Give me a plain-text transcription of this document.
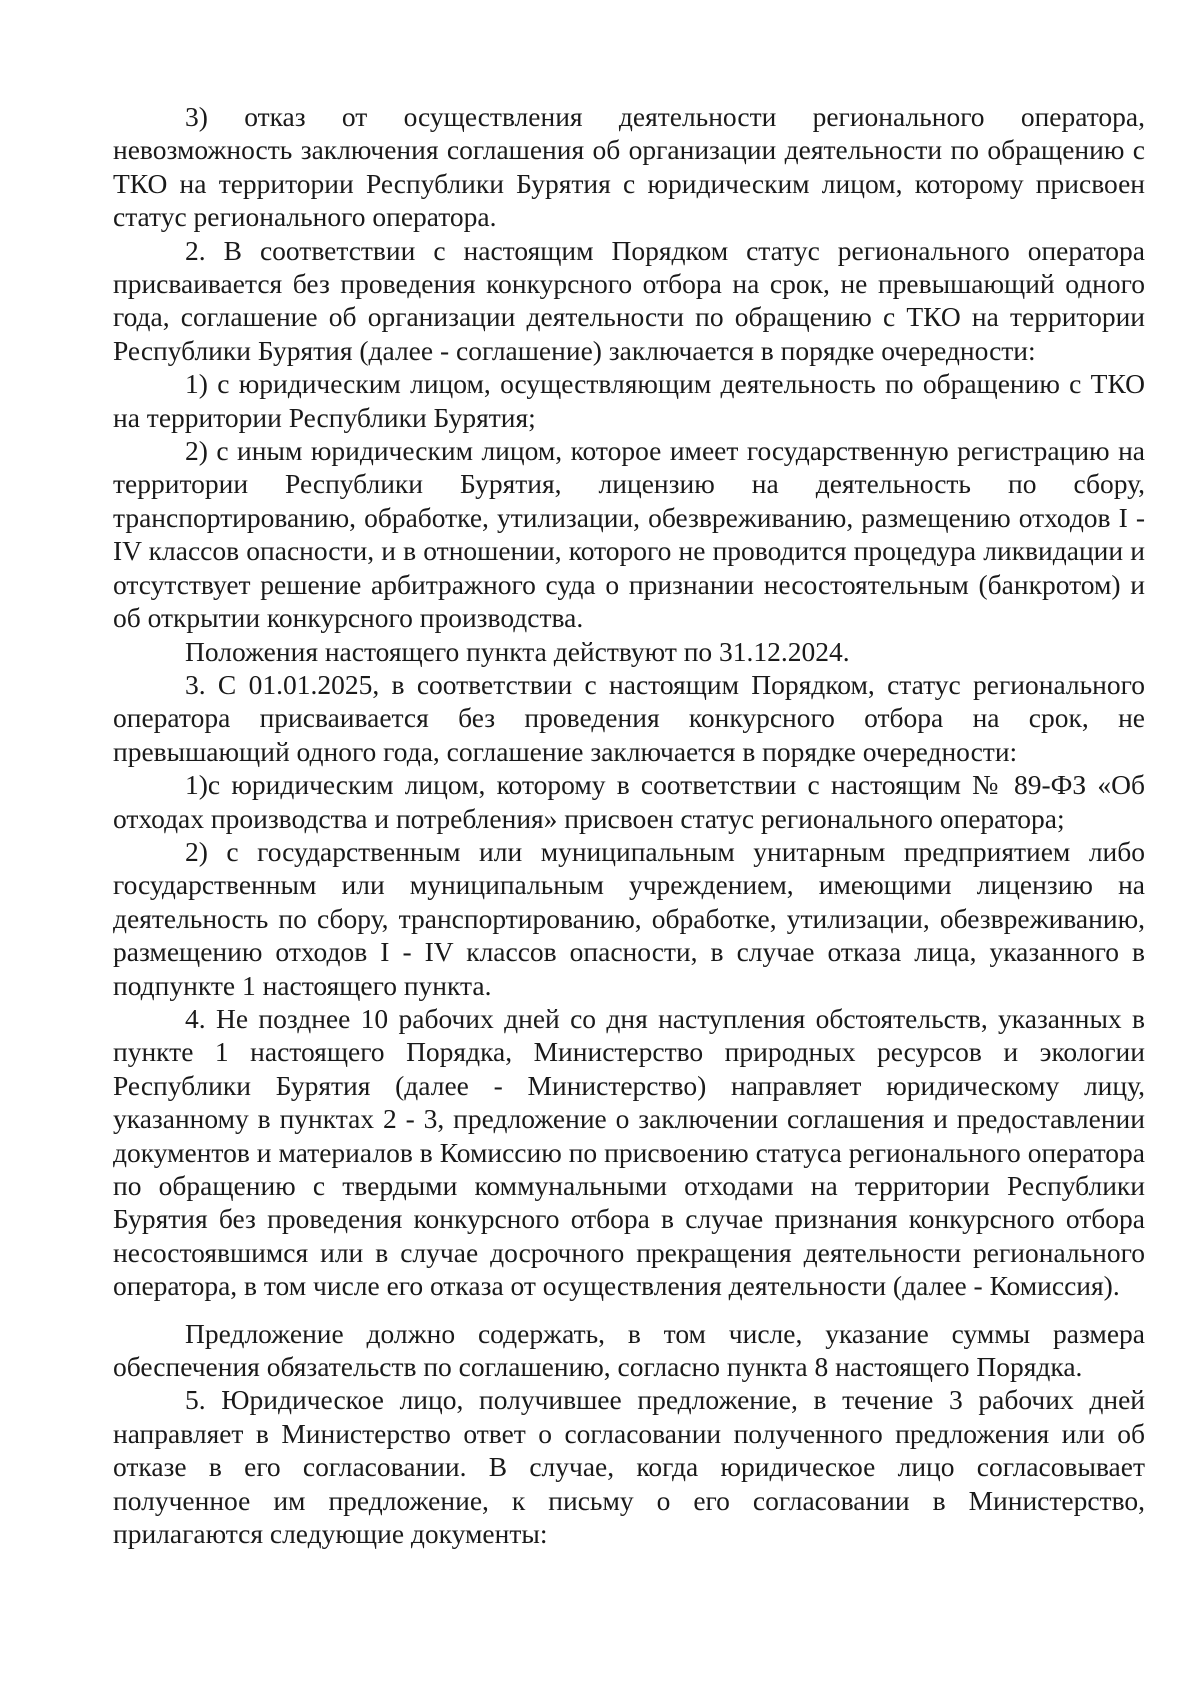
3) отказ от осуществления деятельности регионального оператора, невозможность заключения соглашения об организации деятельности по обращению с ТКО на территории Республики Бурятия с юридическим лицом, которому присвоен статус регионального оператора.

2. В соответствии с настоящим Порядком статус регионального оператора присваивается без проведения конкурсного отбора на срок, не превышающий одного года, соглашение об организации деятельности по обращению с ТКО на территории Республики Бурятия (далее - соглашение) заключается в порядке очередности:

1) с юридическим лицом, осуществляющим деятельность по обращению с ТКО на территории Республики Бурятия;

2) с иным юридическим лицом, которое имеет государственную регистрацию на территории Республики Бурятия, лицензию на деятельность по сбору, транспортированию, обработке, утилизации, обезвреживанию, размещению отходов I - IV классов опасности, и в отношении, которого не проводится процедура ликвидации и отсутствует решение арбитражного суда о признании несостоятельным (банкротом) и об открытии конкурсного производства.

Положения настоящего пункта действуют по 31.12.2024.

3. С 01.01.2025, в соответствии с настоящим Порядком, статус регионального оператора присваивается без проведения конкурсного отбора на срок, не превышающий одного года, соглашение заключается в порядке очередности:

1)с юридическим лицом, которому в соответствии с настоящим № 89-ФЗ «Об отходах производства и потребления» присвоен статус регионального оператора;

2) с государственным или муниципальным унитарным предприятием либо государственным или муниципальным учреждением, имеющими лицензию на деятельность по сбору, транспортированию, обработке, утилизации, обезвреживанию, размещению отходов I - IV классов опасности, в случае отказа лица, указанного в подпункте 1 настоящего пункта.

4. Не позднее 10 рабочих дней со дня наступления обстоятельств, указанных в пункте 1 настоящего Порядка, Министерство природных ресурсов и экологии Республики Бурятия (далее - Министерство) направляет юридическому лицу, указанному в пунктах 2 - 3, предложение о заключении соглашения и предоставлении документов и материалов в Комиссию по присвоению статуса регионального оператора по обращению с твердыми коммунальными отходами на территории Республики Бурятия без проведения конкурсного отбора в случае признания конкурсного отбора несостоявшимся или в случае досрочного прекращения деятельности регионального оператора, в том числе его отказа от осуществления деятельности (далее - Комиссия).

Предложение должно содержать, в том числе, указание суммы размера обеспечения обязательств по соглашению, согласно пункта 8 настоящего Порядка.

5. Юридическое лицо, получившее предложение, в течение 3 рабочих дней направляет в Министерство ответ о согласовании полученного предложения или об отказе в его согласовании. В случае, когда юридическое лицо согласовывает полученное им предложение, к письму о его согласовании в Министерство, прилагаются следующие документы:
